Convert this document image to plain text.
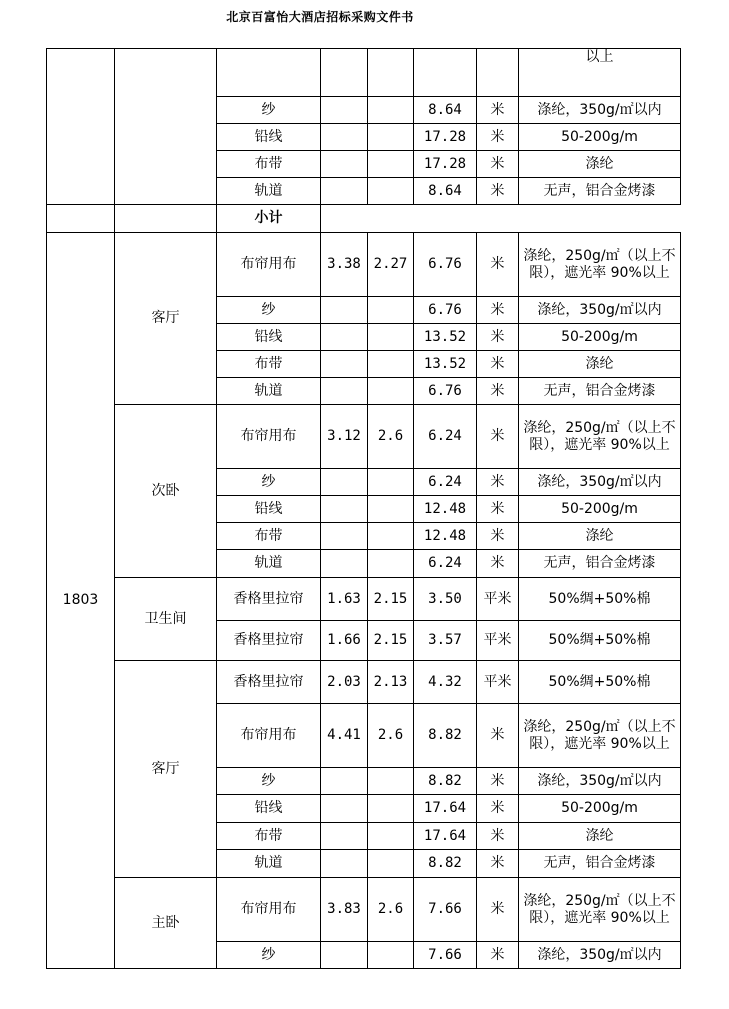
北京百富怡大酒店招标采购文件书
							以上
		纱			8.64	米	涤纶，350g/㎡以内
		铅线			17.28	米	50-200g/m
		布带			17.28	米	涤纶
		轨道			8.64	米	无声，铝合金烤漆
		小计					
1803	客厅	布帘用布	3.38	2.27	6.76	米	涤纶，250g/㎡（以上不限），遮光率 90%以上
		纱			6.76	米	涤纶，350g/㎡以内
		铅线			13.52	米	50-200g/m
		布带			13.52	米	涤纶
		轨道			6.76	米	无声，铝合金烤漆
	次卧	布帘用布	3.12	2.6	6.24	米	涤纶，250g/㎡（以上不限），遮光率 90%以上
		纱			6.24	米	涤纶，350g/㎡以内
		铅线			12.48	米	50-200g/m
		布带			12.48	米	涤纶
		轨道			6.24	米	无声，铝合金烤漆
	卫生间	香格里拉帘	1.63	2.15	3.50	平米	50%绸+50%棉
		香格里拉帘	1.66	2.15	3.57	平米	50%绸+50%棉
	客厅	香格里拉帘	2.03	2.13	4.32	平米	50%绸+50%棉
		布帘用布	4.41	2.6	8.82	米	涤纶，250g/㎡（以上不限），遮光率 90%以上
		纱			8.82	米	涤纶，350g/㎡以内
		铅线			17.64	米	50-200g/m
		布带			17.64	米	涤纶
		轨道			8.82	米	无声，铝合金烤漆
	主卧	布帘用布	3.83	2.6	7.66	米	涤纶，250g/㎡（以上不限），遮光率 90%以上
		纱			7.66	米	涤纶，350g/㎡以内
